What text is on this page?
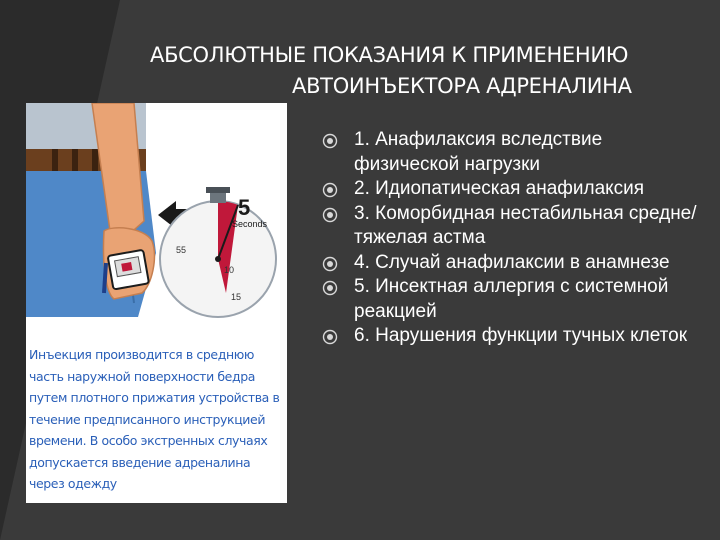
АБСОЛЮТНЫЕ ПОКАЗАНИЯ К ПРИМЕНЕНИЮ
АВТОИНЪЕКТОРА АДРЕНАЛИНА
5
Seconds
55
10
15
Инъекция производится в среднюю часть наружной поверхности бедра путем плотного прижатия устройства в течение предписанного инструкцией времени. В особо экстренных случаях допускается введение адреналина через одежду
1. Анафилаксия вследствие физической нагрузки
2. Идиопатическая анафилаксия
3. Коморбидная нестабильная средне/тяжелая астма
4. Случай анафилаксии в анамнезе
5. Инсектная аллергия с системной реакцией
6. Нарушения функции тучных клеток
